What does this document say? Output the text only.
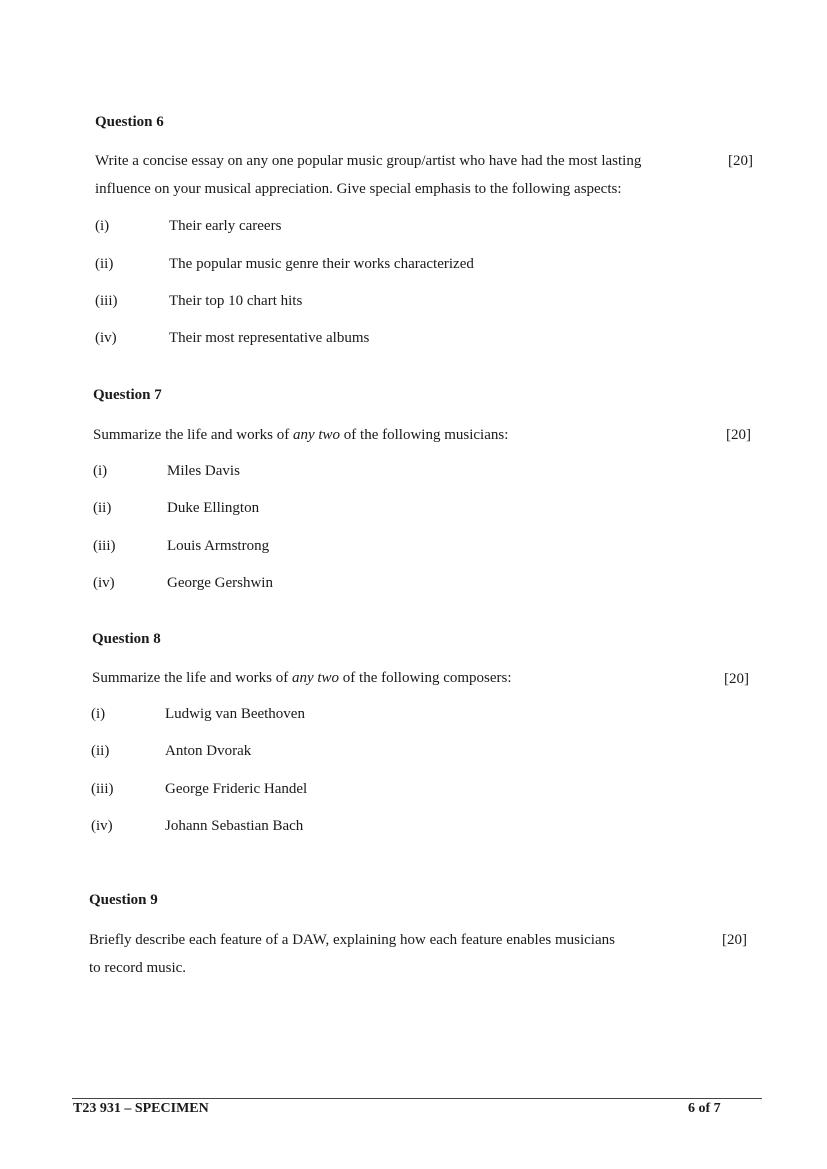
Question 6
Write a concise essay on any one popular music group/artist who have had the most lasting
influence on your musical appreciation. Give special emphasis to the following aspects:
[20]
(i)	Their early careers
(ii)	The popular music genre their works characterized
(iii)	Their top 10 chart hits
(iv)	Their most representative albums
Question 7
Summarize the life and works of any two of the following musicians:	[20]
(i)	Miles Davis
(ii)	Duke Ellington
(iii)	Louis Armstrong
(iv)	George Gershwin
Question 8
Summarize the life and works of any two of the following composers:	[20]
(i)	Ludwig van Beethoven
(ii)	Anton Dvorak
(iii)	George Frideric Handel
(iv)	Johann Sebastian Bach
Question 9
Briefly describe each feature of a DAW, explaining how each feature enables musicians
to record music.
[20]
T23 931 – SPECIMEN	6 of 7
